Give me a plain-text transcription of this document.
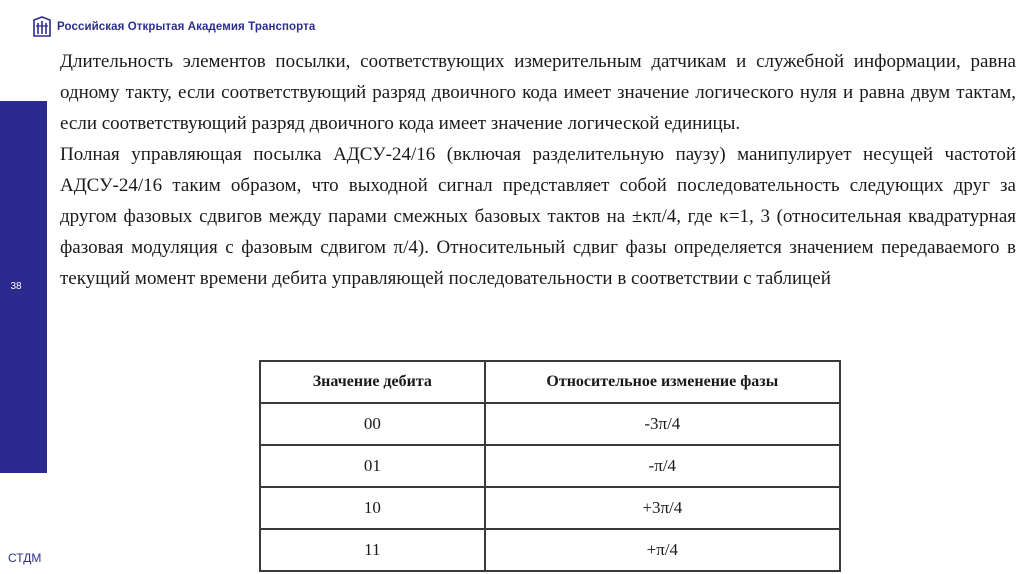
Российская Открытая Академия Транспорта
38
СТДМ

Длительность элементов посылки, соответствующих измерительным датчикам и служебной информации, равна одному такту, если соответствующий разряд двоичного кода имеет значение логического нуля и равна двум тактам, если соответствующий разряд двоичного кода имеет значение логической единицы.

Полная управляющая посылка АДСУ-24/16 (включая разделительную паузу) манипулирует несущей частотой АДСУ-24/16 таким образом, что выходной сигнал представляет собой последовательность следующих друг за другом фазовых сдвигов между парами смежных базовых тактов на ±κπ/4, где κ=1, 3 (относительная квадратурная фазовая модуляция с фазовым сдвигом π/4). Относительный сдвиг фазы определяется значением передаваемого в текущий момент времени дебита управляющей последовательности в соответствии с таблицей

Значение дебита	Относительное изменение фазы
00	-3π/4
01	-π/4
10	+3π/4
11	+π/4
